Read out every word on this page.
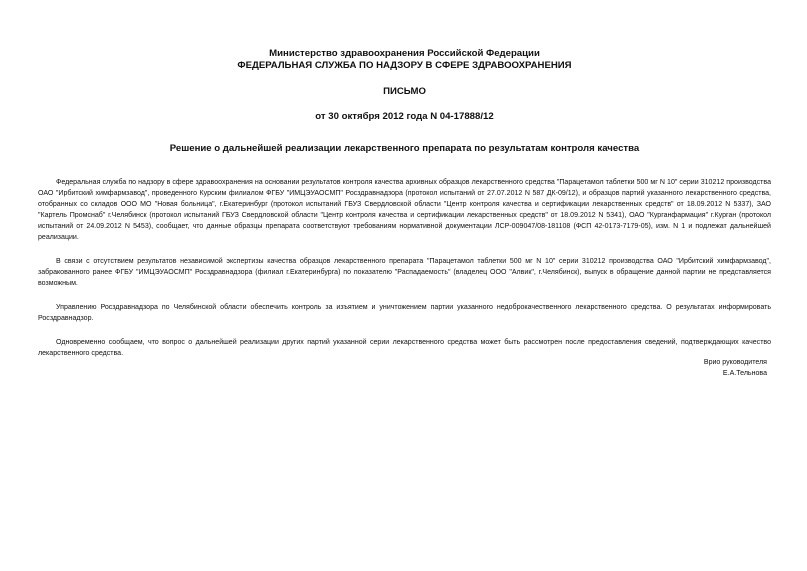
Министерство здравоохранения Российской Федерации
ФЕДЕРАЛЬНАЯ СЛУЖБА ПО НАДЗОРУ В СФЕРЕ ЗДРАВООХРАНЕНИЯ
ПИСЬМО
от 30 октября 2012 года N 04-17888/12
Решение о дальнейшей реализации лекарственного препарата по результатам контроля качества

Федеральная служба по надзору в сфере здравоохранения на основании результатов контроля качества архивных образцов лекарственного средства "Парацетамол таблетки 500 мг N 10" серии 310212 производства ОАО "Ирбитский химфармзавод", проведенного Курским филиалом ФГБУ "ИМЦЭУАОСМП" Росздравнадзора (протокол испытаний от 27.07.2012 N 587 ДК-09/12), и образцов партий указанного лекарственного средства, отобранных со складов ООО МО "Новая больница", г.Екатеринбург (протокол испытаний ГБУЗ Свердловской области "Центр контроля качества и сертификации лекарственных средств" от 18.09.2012 N 5337), ЗАО "Картель Промснаб" г.Челябинск (протокол испытаний ГБУЗ Свердловской области "Центр контроля качества и сертификации лекарственных средств" от 18.09.2012 N 5341), ОАО "Курганфармация" г.Курган (протокол испытаний от 24.09.2012 N 5453), сообщает, что данные образцы препарата соответствуют требованиям нормативной документации ЛСР-009047/08-181108 (ФСП 42-0173-7179-05), изм. N 1 и подлежат дальнейшей реализации.

В связи с отсутствием результатов независимой экспертизы качества образцов лекарственного препарата "Парацетамол таблетки 500 мг N 10" серии 310212 производства ОАО "Ирбитский химфармзавод", забракованного ранее ФГБУ "ИМЦЭУАОСМП" Росздравнадзора (филиал г.Екатеринбурга) по показателю "Распадаемость" (владелец ООО "Алвик", г.Челябинск), выпуск в обращение данной партии не представляется возможным.

Управлению Росздравнадзора по Челябинской области обеспечить контроль за изъятием и уничтожением партии указанного недоброкачественного лекарственного средства. О результатах информировать Росздравнадзор.

Одновременно сообщаем, что вопрос о дальнейшей реализации других партий указанной серии лекарственного средства может быть рассмотрен после предоставления сведений, подтверждающих качество лекарственного средства.

Врио руководителя
Е.А.Тельнова
